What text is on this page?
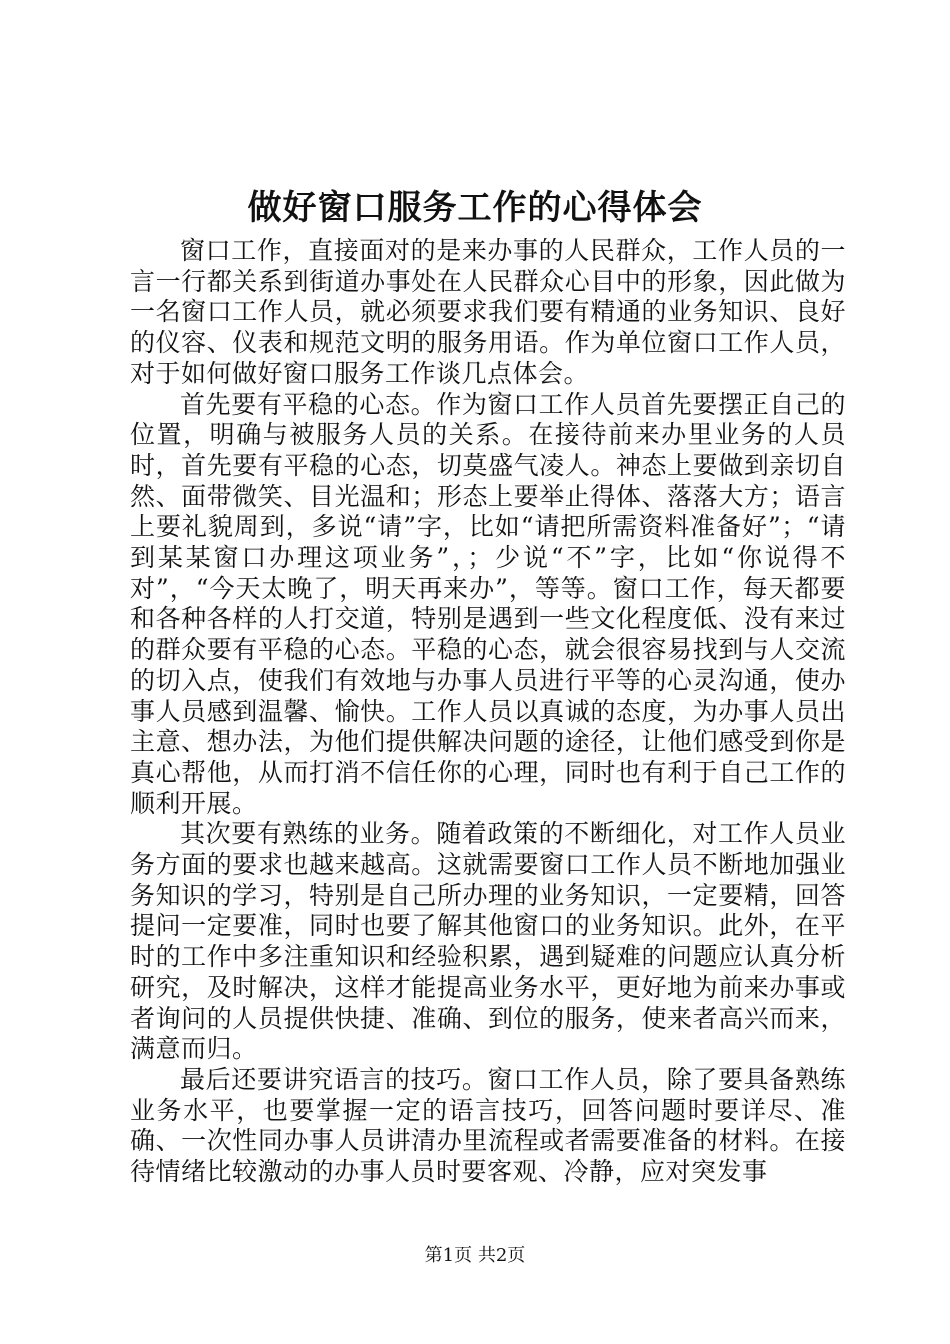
做好窗口服务工作的心得体会

窗口工作，直接面对的是来办事的人民群众，工作人员的一言一行都关系到街道办事处在人民群众心目中的形象，因此做为一名窗口工作人员，就必须要求我们要有精通的业务知识、良好的仪容、仪表和规范文明的服务用语。作为单位窗口工作人员，对于如何做好窗口服务工作谈几点体会。

首先要有平稳的心态。作为窗口工作人员首先要摆正自己的位置，明确与被服务人员的关系。在接待前来办里业务的人员时，首先要有平稳的心态，切莫盛气凌人。神态上要做到亲切自然、面带微笑、目光温和；形态上要举止得体、落落大方；语言上要礼貌周到，多说“请”字，比如“请把所需资料准备好”；“请到某某窗口办理这项业务”，；少说“不”字，比如“你说得不对”，“今天太晚了，明天再来办”，等等。窗口工作，每天都要和各种各样的人打交道，特别是遇到一些文化程度低、没有来过的群众要有平稳的心态。平稳的心态，就会很容易找到与人交流的切入点，使我们有效地与办事人员进行平等的心灵沟通，使办事人员感到温馨、愉快。工作人员以真诚的态度，为办事人员出主意、想办法，为他们提供解决问题的途径，让他们感受到你是真心帮他，从而打消不信任你的心理，同时也有利于自己工作的顺利开展。

其次要有熟练的业务。随着政策的不断细化，对工作人员业务方面的要求也越来越高。这就需要窗口工作人员不断地加强业务知识的学习，特别是自己所办理的业务知识，一定要精，回答提问一定要准，同时也要了解其他窗口的业务知识。此外，在平时的工作中多注重知识和经验积累，遇到疑难的问题应认真分析研究，及时解决，这样才能提高业务水平，更好地为前来办事或者询问的人员提供快捷、准确、到位的服务，使来者高兴而来，满意而归。

最后还要讲究语言的技巧。窗口工作人员，除了要具备熟练业务水平，也要掌握一定的语言技巧，回答问题时要详尽、准确、一次性同办事人员讲清办里流程或者需要准备的材料。在接待情绪比较激动的办事人员时要客观、冷静，应对突发事

第1页 共2页
